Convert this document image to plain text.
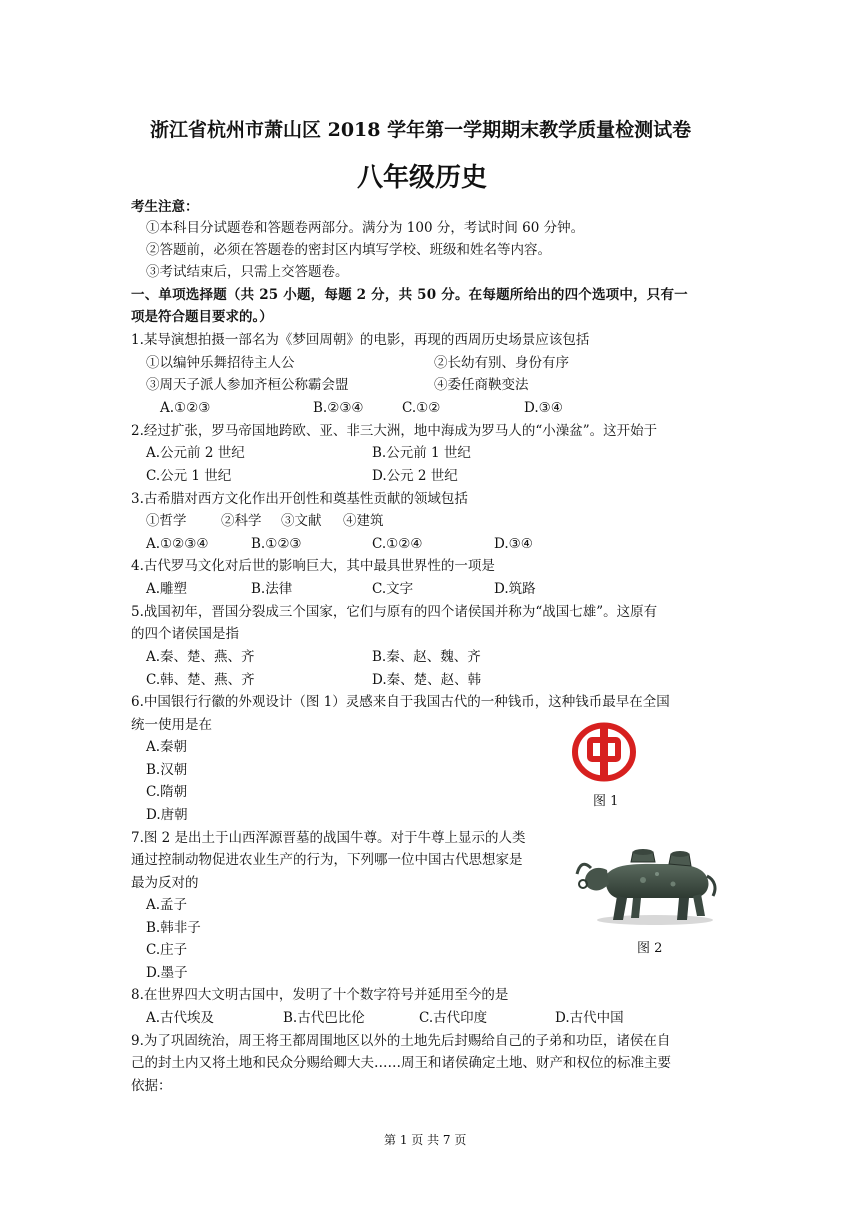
浙江省杭州市萧山区 2018 学年第一学期期末教学质量检测试卷
八年级历史
考生注意：
①本科目分试题卷和答题卷两部分。满分为 100 分，考试时间 60 分钟。
②答题前，必须在答题卷的密封区内填写学校、班级和姓名等内容。
③考试结束后，只需上交答题卷。
一、单项选择题（共 25 小题，每题 2 分，共 50 分。在每题所给出的四个选项中，只有一
项是符合题目要求的。）
1.某导演想拍摄一部名为《梦回周朝》的电影，再现的西周历史场景应该包括
①以编钟乐舞招待主人公	②长幼有别、身份有序
③周天子派人参加齐桓公称霸会盟	④委任商鞅变法
A.①②③	B.②③④	C.①②	D.③④
2.经过扩张，罗马帝国地跨欧、亚、非三大洲，地中海成为罗马人的“小澡盆”。这开始于
A.公元前 2 世纪	B.公元前 1 世纪
C.公元 1 世纪	D.公元 2 世纪
3.古希腊对西方文化作出开创性和奠基性贡献的领域包括
①哲学	②科学 ③文献 ④建筑
A.①②③④	B.①②③	C.①②④	D.③④
4.古代罗马文化对后世的影响巨大，其中最具世界性的一项是
A.雕塑	B.法律	C.文字	D.筑路
5.战国初年，晋国分裂成三个国家，它们与原有的四个诸侯国并称为“战国七雄”。这原有
的四个诸侯国是指
A.秦、楚、燕、齐	B.秦、赵、魏、齐
C.韩、楚、燕、齐	D.秦、楚、赵、韩
6.中国银行行徽的外观设计（图 1）灵感来自于我国古代的一种钱币，这种钱币最早在全国
统一使用是在
A.秦朝
B.汉朝
C.隋朝
D.唐朝
图 1
7.图 2 是出土于山西浑源晋墓的战国牛尊。对于牛尊上显示的人类
通过控制动物促进农业生产的行为，下列哪一位中国古代思想家是
最为反对的
A.孟子
B.韩非子
C.庄子
D.墨子
图 2
8.在世界四大文明古国中，发明了十个数字符号并延用至今的是
A.古代埃及	B.古代巴比伦	C.古代印度	D.古代中国
9.为了巩固统治，周王将王都周围地区以外的土地先后封赐给自己的子弟和功臣，诸侯在自
己的封土内又将土地和民众分赐给卿大夫……周王和诸侯确定土地、财产和权位的标准主要
依据：
第 1 页 共 7 页
